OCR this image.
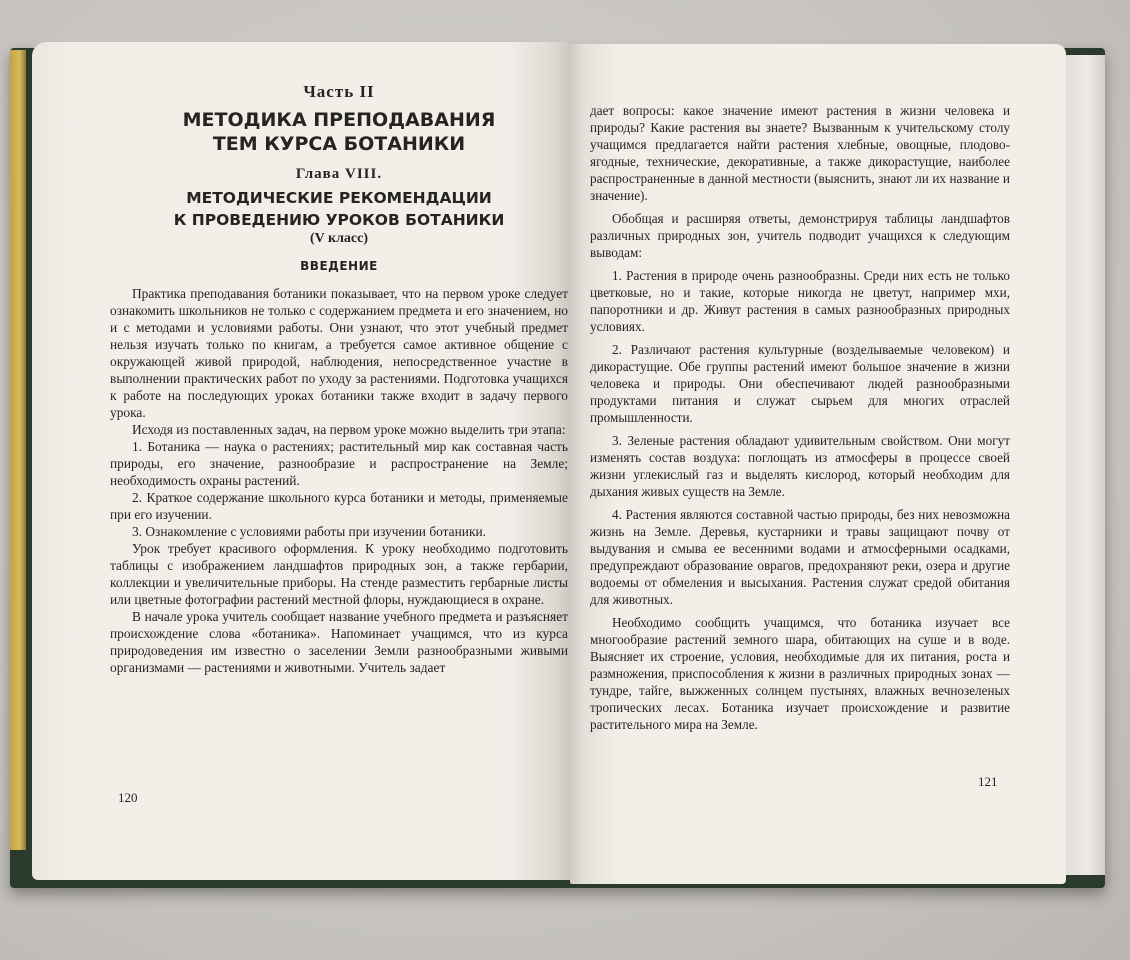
Часть II

МЕТОДИКА ПРЕПОДАВАНИЯ

ТЕМ КУРСА БОТАНИКИ

Глава VIII.

МЕТОДИЧЕСКИЕ РЕКОМЕНДАЦИИ

К ПРОВЕДЕНИЮ УРОКОВ БОТАНИКИ

(V класс)

ВВЕДЕНИЕ

Практика преподавания ботаники показывает, что на первом уроке следует ознакомить школьников не только с содержанием предмета и его значением, но и с методами и условиями работы. Они узнают, что этот учебный предмет нельзя изучать только по книгам, а требуется самое активное общение с окружающей живой природой, наблюдения, непосредственное участие в выполнении практических работ по уходу за растениями. Подготовка учащихся к работе на последующих уроках ботаники также входит в задачу первого урока.

Исходя из поставленных задач, на первом уроке можно выделить три этапа:

1. Ботаника — наука о растениях; растительный мир как составная часть природы, его значение, разнообразие и распространение на Земле; необходимость охраны растений.

2. Краткое содержание школьного курса ботаники и методы, применяемые при его изучении.

3. Ознакомление с условиями работы при изучении ботаники.

Урок требует красивого оформления. К уроку необходимо подготовить таблицы с изображением ландшафтов природных зон, а также гербарии, коллекции и увеличительные приборы. На стенде разместить гербарные листы или цветные фотографии растений местной флоры, нуждающиеся в охране.

В начале урока учитель сообщает название учебного предмета и разъясняет происхождение слова «ботаника». Напоминает учащимся, что из курса природоведения им известно о заселении Земли разнообразными живыми организмами — растениями и животными. Учитель задает

120

дает вопросы: какое значение имеют растения в жизни человека и природы? Какие растения вы знаете? Вызванным к учительскому столу учащимся предлагается найти растения хлебные, овощные, плодово-ягодные, технические, декоративные, а также дикорастущие, наиболее распространенные в данной местности (выяснить, знают ли их название и значение).

Обобщая и расширяя ответы, демонстрируя таблицы ландшафтов различных природных зон, учитель подводит учащихся к следующим выводам:

1. Растения в природе очень разнообразны. Среди них есть не только цветковые, но и такие, которые никогда не цветут, например мхи, папоротники и др. Живут растения в самых разнообразных природных условиях.

2. Различают растения культурные (возделываемые человеком) и дикорастущие. Обе группы растений имеют большое значение в жизни человека и природы. Они обеспечивают людей разнообразными продуктами питания и служат сырьем для многих отраслей промышленности.

3. Зеленые растения обладают удивительным свойством. Они могут изменять состав воздуха: поглощать из атмосферы в процессе своей жизни углекислый газ и выделять кислород, который необходим для дыхания живых существ на Земле.

4. Растения являются составной частью природы, без них невозможна жизнь на Земле. Деревья, кустарники и травы защищают почву от выдувания и смыва ее весенними водами и атмосферными осадками, предупреждают образование оврагов, предохраняют реки, озера и другие водоемы от обмеления и высыхания. Растения служат средой обитания для животных.

Необходимо сообщить учащимся, что ботаника изучает все многообразие растений земного шара, обитающих на суше и в воде. Выясняет их строение, условия, необходимые для их питания, роста и размножения, приспособления к жизни в различных природных зонах — тундре, тайге, выжженных солнцем пустынях, влажных вечнозеленых тропических лесах. Ботаника изучает происхождение и развитие растительного мира на Земле.

121
